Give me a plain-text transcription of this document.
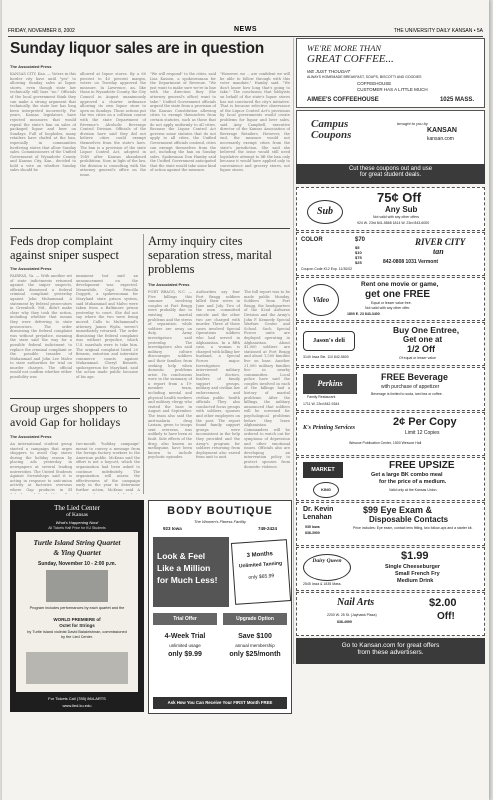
FRIDAY, NOVEMBER 8, 2002	NEWS	THE UNIVERSITY DAILY KANSAN • 5A
Sunday liquor sales are in question
The Associated Press
KANSAS CITY, Kan. — Voters in this border city have until "yes" to allowing Sunday sales at liquor stores, even though state law technically still bars "no." Officials of the local government think they can make a strong argument that technically, the state law has long been interpreted incorrectly. For years, Kansas legislators have rejected measures that would repeal the state's ban on sales of packaged liquor and beer on Sundays. Full of loopholes, many retailers have chafed at the ban, especially in communities bordering states that allow Sunday sales. Commissioners of the Unified Government of Wyandotte County and Kansas City, Kan., decided to hold a vote on whether Sunday sales should be
allowed at liquor stores. By a 60 percent to 40 percent margin, voters on Tuesday approved the measure. In Lawrence, an, like those in Wyandotte County, the City Council in August unanimously approved a charter ordinance allowing its own liquor store to open on Sundays. Those actions put the two cities on a collision course with the state Department of Revenue's Alcoholic Beverage Control Division. Officials of the division have said they did not believe cities could exempt themselves from the state's laws. The ban is a provision of the state Liquor Control Act, adopted in 1949 after Kansas abandoned prohibition. Now, in light of the law, the division is consulting with the attorney general's office on the issue.
"We will respond" to the cities, said Lisa Kassen, a spokeswoman for the Department of Revenue. "We just want to make sure we're in line with the direction they (the attorney general's office) want to take." Unified Government officials argued the state from a provision of the Kansas Constitution allowing cities to exempt themselves from certain statutes, such as those that do not apply uniformly to all cities. Because the Liquor Control Act governs some statutes that do not apply to all cities, the Unified Government officials contend, cities can exempt themselves from the act, including the ban on Sunday sales. Spokesman Don Hamby said the Unified Government anticipated that the state would take some kind of action against the measure.
"However, we ... are confident we will be able to follow through with this voter mandate," Hamby said. "We don't know how long that's going to take." The conclusion that lobbyists on behalf of the state's liquor stores has not convinced the city's initiative. That is because selective observance of the Liquor Control Act's provisions by local governments would create problems for liquor and beer sales, said Amy Campbell, executive director of the Kansas Association of Beverage Retailers. However, the end, the measure would not necessarily exempt cities from the state's jurisdiction. She said she believed the issue would still need legislative attempt to lift the ban only because it would have applied only to convenience and grocery stores, not liquor stores.
Feds drop complaint against sniper suspect
The Associated Press
FAIRFAX, Va. — With another set of state indictments returned against the sniper suspects, officials dismissed a federal criminal complaint yesterday against John Muhammad. A statement by federal prosecutors in Greenbelt, Md., didn't make clear why they took the action, including whether that means they were deferring to state prosecutors. The order dismissing the federal complaint was without prejudice, meaning the state said the way for a possible federal indictment to replace the criminal complaint or the possible transfer of Muhammad and John Lee Malvo to state authorities for trial on murder charges. The official would not confirm whether either possibility was
imminent but said an announcement on the development was expected. Meanwhile, Capt. Priscilla Doggett, a spokeswoman for Maryland state prison system, said Muhammad and Malvo were taken from a Baltimore prison yesterday to court. She did not say where the two were being moved. Calls to Muhammad's attorney, James Wyda, weren't immediately returned. The order dismissing the federal complaint was without prejudice, which U.S. marshals were to take him. The original complaint listed 20 firearm, extortion and interstate commerce counts against Muhammad. Cheryl Bennett, spokesperson for Maryland, said the action made public because of his age.
Army inquiry cites separation stress, marital problems
The Associated Press
FORT BRAGG, N.C. — Five killings this summer involving couples at Fort Bragg were probably due to existing marital problems and the stress of separation while soldiers are away on duty, Army investigators said yesterday. The investigators also said military culture discourages soldiers and their families from seeking help when domestic problems arise. Its conclusions were in the summary of a report from a 19-member team, including mental and physical health workers and military clergy who visited the base in August and September. The team also said the anti-malaria drug Lariam, given to troops sent overseas, was unlikely to have been at fault. Side effects of the drug, also known as mefloquine, have been known to include psychotic episodes.
Authorities say four Fort Bragg soldiers killed their wives in June and July. Two of the men committed suicide and the other two are charged with murder. Three of those cases involved Special Operations soldiers who had served in Afghanistan. In a fifth case, a woman is charged with killing her husband, a Special Forces major. Investigators interviewed military leaders, doctors, leaders of family support groups, military and civilian law enforcement, and civilian public health officials. They also conducted focus groups with soldiers, spouses and other employees on the post. The report found family support groups were inconsistent in the help they provided and the Army's program for soldiers returning from deployment also varied from unit to unit.
The full report was to be made public Monday. Soldiers from Fort Bragg, the headquarters of the 82nd Airborne Division and the Army's John F. Kennedy Special Warfare Center and School. Such Special Forces units are deployed operating in Afghanistan. About 41,000 soldiers are stationed at Fort Bragg and about 1,500 families live on base. Another 21,000 military families live in nearby communities. Local police have said the couples involved in each of the killings had a history of marital problems. After the killings, the military announced that soldiers will be screened for psychological problems before they leave Afghanistan. Commanders will be ordered to watch out for symptoms of depression and other emotional issues. Officials also are developing an intervention policy to protect spouses from domestic violence.
Group urges shoppers to avoid Gap for holidays
The Associated Press
An international student group started a campaign that urges shoppers to avoid Gap stores during the holiday season by placing ads yesterday in newspapers at several leading universities. The United Students Against Sweatshops said it is acting in response to anti-union activity at factories overseas where Gap products in El
two-month "holiday campaign" meant to convey a message from the foreign factory workers to the American public. McKean said the effort is not a boycott, which the organization had been asked to continue indefinitely. The organization will assess the effectiveness of the campaign early in the year to determine further action, McKean said. A
The Lied Center
of Kansas
What's Happening Now!
All Tickets Half Price for KU Students
Turtle Island String Quartet
& Ying Quartet
Sunday, November 10 - 2:00 p.m.
Program includes performances by each quartet and the
WORLD PREMIERE of
Octet for Strings
by Turtle Island violinist David Balakrishnan, commissioned by the Lied Center.
For Tickets Call (785) 864-ARTS
www.lied.ku.edu
BODY BOUTIQUE
The Women's Fitness Facility
923 Iowa	749-2424
Look & Feel
Like a Million
for Much Less!
3 Months
Unlimited Tanning
only $65.99
Trial Offer	Upgrade Option
4-Week Trial
unlimited usage
only $9.99
Save $100
annual membership
only $25/month
Ask How You Can Receive Your FIRST Month FREE
WE'RE MORE THAN
GREAT COFFEE...
WE JUST THOUGHT
ALWAYS HOMEMADE BREAKFAST, SOUPS, BISCOTTI AND GOODIES
COFFEEHOUSE
CUSTOMER HAS A LITTLE MUCH
AIMEE'S COFFEEHOUSE	1025 MASS.
Campus Coupons
brought to you by
KANSAN
kansan.com
Cut these coupons out and use
for great student deals.
Sub
75¢ Off
Any Sub
Not valid with any other offers
924 W. 23rd 841-5868 1814 W. 23rd 843-6000
COLOR	$70
$5
$10
$75
$25
RIVER CITY
tan
842-0808 1031 Vermont
Coupon Code K12 Exp. 11/30/02
Video
Rent one movie or game,
get one FREE
Equal or lesser value free.
Not valid with any other offer.
1800 E. 23 843-3400
Jason's deli
3140 Iowa Ste. 110 842-5600
Buy One Entree,
Get one at
1/2 Off
Of equal or lesser value
Perkins
Family Restaurant
1711 W. 23rd 842-9344
FREE Beverage
with purchase of appetizer
Beverage is limited to soda, iced tea or coffee.
K's Printing Services	2¢ Per Copy
Limit 12 Copies
Wescoe Publication Center, 1500 Wescoe Hall
MARKET
KING
FREE UPSIZE
Get a large BK combo meal
for the price of a medium.
Valid only at the Kansas Union.
Dr. Kevin
Lenahan
935 Iowa
838-3900
$99 Eye Exam &
Disposable Contacts
Price includes: Eye exam, contact lens fitting, two follow-ups and a starter kit.
Dairy Queen
2545 Iowa & 1835 Mass.
$1.99
Single Cheeseburger
Small French Fry
Medium Drink
Nail Arts
2200 W. 25 St. (Jayhawk Plaza)
838-4999
$2.00
Off!
Go to Kansan.com for great offers
from these advertisers.
